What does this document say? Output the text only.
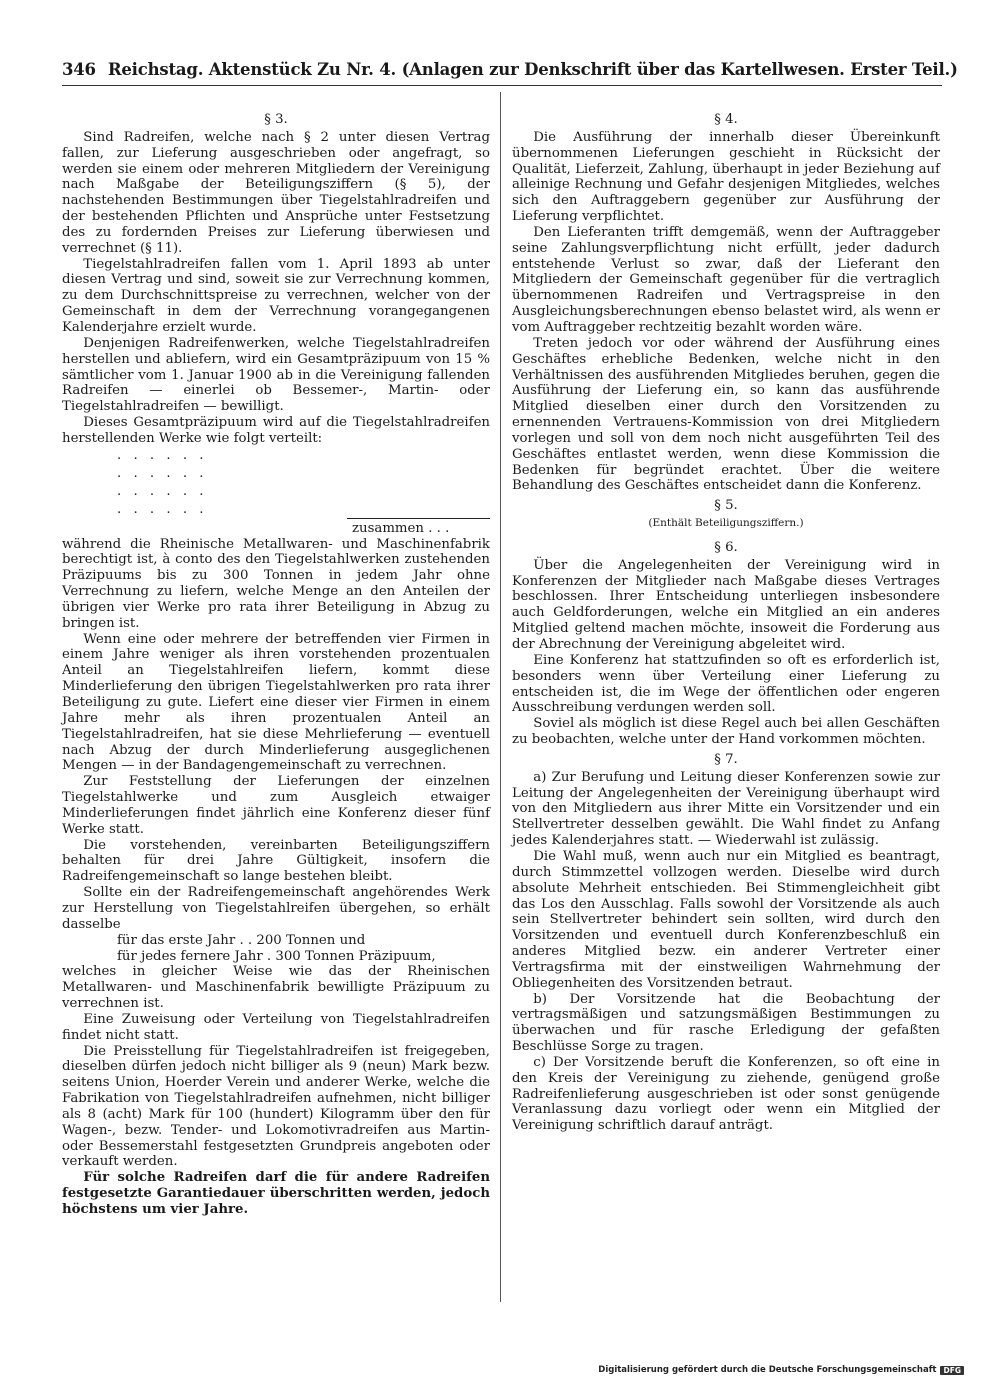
346 Reichstag. Aktenstück Zu Nr. 4. (Anlagen zur Denkschrift über das Kartellwesen. Erster Teil.)
§ 3.

Sind Radreifen, welche nach § 2 unter diesen Vertrag fallen, zur Lieferung ausgeschrieben oder angefragt, so werden sie einem oder mehreren Mitgliedern der Vereinigung nach Maßgabe der Beteiligungsziffern (§ 5), der nachstehenden Bestimmungen über Tiegelstahlradreifen und der bestehenden Pflichten und Ansprüche unter Festsetzung des zu fordernden Preises zur Lieferung überwiesen und verrechnet (§ 11).

Tiegelstahlradreifen fallen vom 1. April 1893 ab unter diesen Vertrag und sind, soweit sie zur Verrechnung kommen, zu dem Durchschnittspreise zu verrechnen, welcher von der Gemeinschaft in dem der Verrechnung vorangegangenen Kalenderjahre erzielt wurde.

Denjenigen Radreifenwerken, welche Tiegelstahlradreifen herstellen und abliefern, wird ein Gesamtpräzipuum von 15 % sämtlicher vom 1. Januar 1900 ab in die Vereinigung fallenden Radreifen — einerlei ob Bessemer-, Martin- oder Tiegelstahlradreifen — bewilligt.

Dieses Gesamtpräzipuum wird auf die Tiegelstahlradreifen herstellenden Werke wie folgt verteilt:

. . . . . .
. . . . . .
. . . . . .
. . . . . .
zusammen . . .

während die Rheinische Metallwaren- und Maschinenfabrik berechtigt ist, à conto des den Tiegelstahlwerken zustehenden Präzipuums bis zu 300 Tonnen in jedem Jahr ohne Verrechnung zu liefern, welche Menge an den Anteilen der übrigen vier Werke pro rata ihrer Beteiligung in Abzug zu bringen ist.

Wenn eine oder mehrere der betreffenden vier Firmen in einem Jahre weniger als ihren vorstehenden prozentualen Anteil an Tiegelstahlreifen liefern, kommt diese Minderlieferung den übrigen Tiegelstahlwerken pro rata ihrer Beteiligung zu gute. Liefert eine dieser vier Firmen in einem Jahre mehr als ihren prozentualen Anteil an Tiegelstahlradreifen, hat sie diese Mehrlieferung — eventuell nach Abzug der durch Minderlieferung ausgeglichenen Mengen — in der Bandagengemeinschaft zu verrechnen.

Zur Feststellung der Lieferungen der einzelnen Tiegelstahlwerke und zum Ausgleich etwaiger Minderlieferungen findet jährlich eine Konferenz dieser fünf Werke statt.

Die vorstehenden, vereinbarten Beteiligungsziffern behalten für drei Jahre Gültigkeit, insofern die Radreifengemeinschaft so lange bestehen bleibt.

Sollte ein der Radreifengemeinschaft angehörendes Werk zur Herstellung von Tiegelstahlreifen übergehen, so erhält dasselbe

für das erste Jahr . . 200 Tonnen und
für jedes fernere Jahr . 300 Tonnen Präzipuum,

welches in gleicher Weise wie das der Rheinischen Metallwaren- und Maschinenfabrik bewilligte Präzipuum zu verrechnen ist.

Eine Zuweisung oder Verteilung von Tiegelstahlradreifen findet nicht statt.

Die Preisstellung für Tiegelstahlradreifen ist freigegeben, dieselben dürfen jedoch nicht billiger als 9 (neun) Mark bezw. seitens Union, Hoerder Verein und anderer Werke, welche die Fabrikation von Tiegelstahlradreifen aufnehmen, nicht billiger als 8 (acht) Mark für 100 (hundert) Kilogramm über den für Wagen-, bezw. Tender- und Lokomotivradreifen aus Martin- oder Bessemerstahl festgesetzten Grundpreis angeboten oder verkauft werden.

Für solche Radreifen darf die für andere Radreifen festgesetzte Garantiedauer überschritten werden, jedoch höchstens um vier Jahre.

§ 4.

Die Ausführung der innerhalb dieser Übereinkunft übernommenen Lieferungen geschieht in Rücksicht der Qualität, Lieferzeit, Zahlung, überhaupt in jeder Beziehung auf alleinige Rechnung und Gefahr desjenigen Mitgliedes, welches sich den Auftraggebern gegenüber zur Ausführung der Lieferung verpflichtet.

Den Lieferanten trifft demgemäß, wenn der Auftraggeber seine Zahlungsverpflichtung nicht erfüllt, jeder dadurch entstehende Verlust so zwar, daß der Lieferant den Mitgliedern der Gemeinschaft gegenüber für die vertraglich übernommenen Radreifen und Vertragspreise in den Ausgleichungsberechnungen ebenso belastet wird, als wenn er vom Auftraggeber rechtzeitig bezahlt worden wäre.

Treten jedoch vor oder während der Ausführung eines Geschäftes erhebliche Bedenken, welche nicht in den Verhältnissen des ausführenden Mitgliedes beruhen, gegen die Ausführung der Lieferung ein, so kann das ausführende Mitglied dieselben einer durch den Vorsitzenden zu ernennenden Vertrauens-Kommission von drei Mitgliedern vorlegen und soll von dem noch nicht ausgeführten Teil des Geschäftes entlastet werden, wenn diese Kommission die Bedenken für begründet erachtet. Über die weitere Behandlung des Geschäftes entscheidet dann die Konferenz.

§ 5.
(Enthält Beteiligungsziffern.)
§ 6.

Über die Angelegenheiten der Vereinigung wird in Konferenzen der Mitglieder nach Maßgabe dieses Vertrages beschlossen. Ihrer Entscheidung unterliegen insbesondere auch Geldforderungen, welche ein Mitglied an ein anderes Mitglied geltend machen möchte, insoweit die Forderung aus der Abrechnung der Vereinigung abgeleitet wird.

Eine Konferenz hat stattzufinden so oft es erforderlich ist, besonders wenn über Verteilung einer Lieferung zu entscheiden ist, die im Wege der öffentlichen oder engeren Ausschreibung verdungen werden soll.

Soviel als möglich ist diese Regel auch bei allen Geschäften zu beobachten, welche unter der Hand vorkommen möchten.

§ 7.

a) Zur Berufung und Leitung dieser Konferenzen sowie zur Leitung der Angelegenheiten der Vereinigung überhaupt wird von den Mitgliedern aus ihrer Mitte ein Vorsitzender und ein Stellvertreter desselben gewählt. Die Wahl findet zu Anfang jedes Kalenderjahres statt. — Wiederwahl ist zulässig.

Die Wahl muß, wenn auch nur ein Mitglied es beantragt, durch Stimmzettel vollzogen werden. Dieselbe wird durch absolute Mehrheit entschieden. Bei Stimmengleichheit gibt das Los den Ausschlag. Falls sowohl der Vorsitzende als auch sein Stellvertreter behindert sein sollten, wird durch den Vorsitzenden und eventuell durch Konferenzbeschluß ein anderes Mitglied bezw. ein anderer Vertreter einer Vertragsfirma mit der einstweiligen Wahrnehmung der Obliegenheiten des Vorsitzenden betraut.

b) Der Vorsitzende hat die Beobachtung der vertragsmäßigen und satzungsmäßigen Bestimmungen zu überwachen und für rasche Erledigung der gefaßten Beschlüsse Sorge zu tragen.

c) Der Vorsitzende beruft die Konferenzen, so oft eine in den Kreis der Vereinigung zu ziehende, genügend große Radreifenlieferung ausgeschrieben ist oder sonst genügende Veranlassung dazu vorliegt oder wenn ein Mitglied der Vereinigung schriftlich darauf anträgt.

Digitalisierung gefördert durch die Deutsche Forschungsgemeinschaft DFG
